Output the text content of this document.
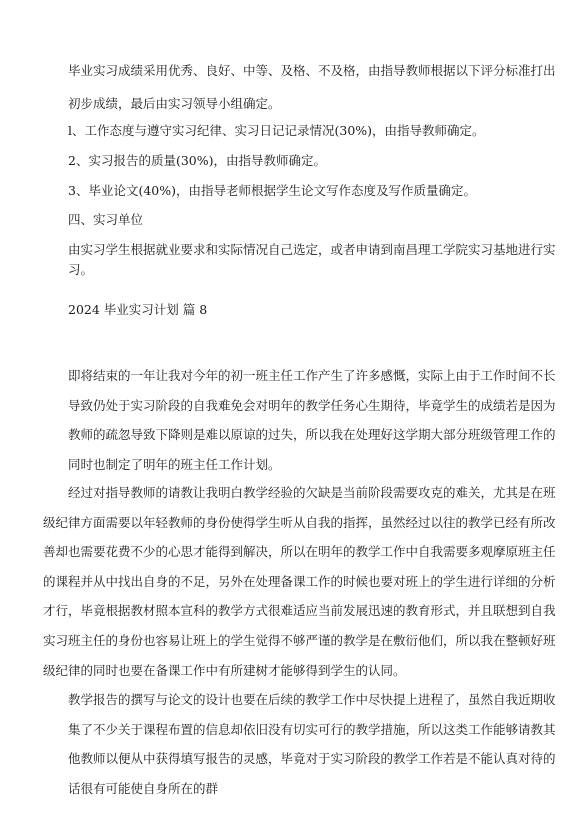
毕业实习成绩采用优秀、良好、中等、及格、不及格，由指导教师根据以下评分标准打出初步成绩，最后由实习领导小组确定。

l、工作态度与遵守实习纪律、实习日记记录情况(30%)，由指导教师确定。

2、实习报告的质量(30%)，由指导教师确定。

3、毕业论文(40%)，由指导老师根据学生论文写作态度及写作质量确定。

四、实习单位

由实习学生根据就业要求和实际情况自己选定，或者申请到南昌理工学院实习基地进行实习。

2024 毕业实习计划 篇 8

即将结束的一年让我对今年的初一班主任工作产生了许多感慨，实际上由于工作时间不长导致仍处于实习阶段的自我难免会对明年的教学任务心生期待，毕竟学生的成绩若是因为教师的疏忽导致下降则是难以原谅的过失，所以我在处理好这学期大部分班级管理工作的同时也制定了明年的班主任工作计划。

经过对指导教师的请教让我明白教学经验的欠缺是当前阶段需要攻克的难关，尤其是在班级纪律方面需要以年轻教师的身份使得学生听从自我的指挥，虽然经过以往的教学已经有所改善却也需要花费不少的心思才能得到解决，所以在明年的教学工作中自我需要多观摩原班主任的课程并从中找出自身的不足，另外在处理备课工作的时候也要对班上的学生进行详细的分析才行，毕竟根据教材照本宣科的教学方式很难适应当前发展迅速的教育形式，并且联想到自我实习班主任的身份也容易让班上的学生觉得不够严谨的教学是在敷衍他们，所以我在整顿好班级纪律的同时也要在备课工作中有所建树才能够得到学生的认同。

教学报告的撰写与论文的设计也要在后续的教学工作中尽快提上进程了，虽然自我近期收集了不少关于课程布置的信息却依旧没有切实可行的教学措施，所以这类工作能够请教其他教师以便从中获得填写报告的灵感，毕竟对于实习阶段的教学工作若是不能认真对待的话很有可能使自身所在的群
